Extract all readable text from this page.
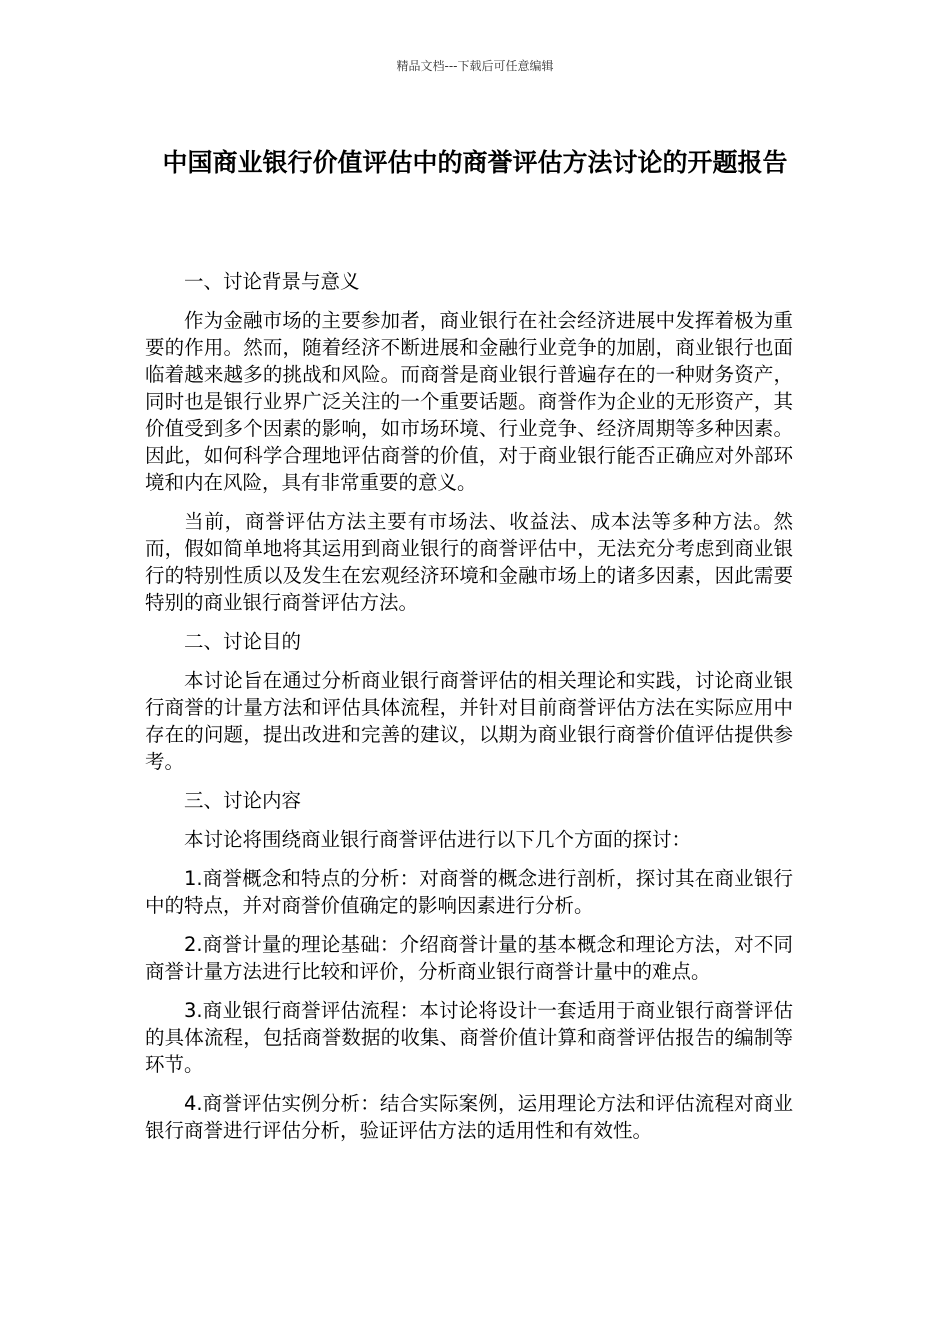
精品文档---下载后可任意编辑
中国商业银行价值评估中的商誉评估方法讨论的开题报告

一、讨论背景与意义

作为金融市场的主要参加者，商业银行在社会经济进展中发挥着极为重要的作用。然而，随着经济不断进展和金融行业竞争的加剧，商业银行也面临着越来越多的挑战和风险。而商誉是商业银行普遍存在的一种财务资产，同时也是银行业界广泛关注的一个重要话题。商誉作为企业的无形资产，其价值受到多个因素的影响，如市场环境、行业竞争、经济周期等多种因素。因此，如何科学合理地评估商誉的价值，对于商业银行能否正确应对外部环境和内在风险，具有非常重要的意义。

当前，商誉评估方法主要有市场法、收益法、成本法等多种方法。然而，假如简单地将其运用到商业银行的商誉评估中，无法充分考虑到商业银行的特别性质以及发生在宏观经济环境和金融市场上的诸多因素，因此需要特别的商业银行商誉评估方法。

二、讨论目的

本讨论旨在通过分析商业银行商誉评估的相关理论和实践，讨论商业银行商誉的计量方法和评估具体流程，并针对目前商誉评估方法在实际应用中存在的问题，提出改进和完善的建议，以期为商业银行商誉价值评估提供参考。

三、讨论内容

本讨论将围绕商业银行商誉评估进行以下几个方面的探讨：

1.商誉概念和特点的分析：对商誉的概念进行剖析，探讨其在商业银行中的特点，并对商誉价值确定的影响因素进行分析。

2.商誉计量的理论基础：介绍商誉计量的基本概念和理论方法，对不同商誉计量方法进行比较和评价，分析商业银行商誉计量中的难点。

3.商业银行商誉评估流程：本讨论将设计一套适用于商业银行商誉评估的具体流程，包括商誉数据的收集、商誉价值计算和商誉评估报告的编制等环节。

4.商誉评估实例分析：结合实际案例，运用理论方法和评估流程对商业银行商誉进行评估分析，验证评估方法的适用性和有效性。
